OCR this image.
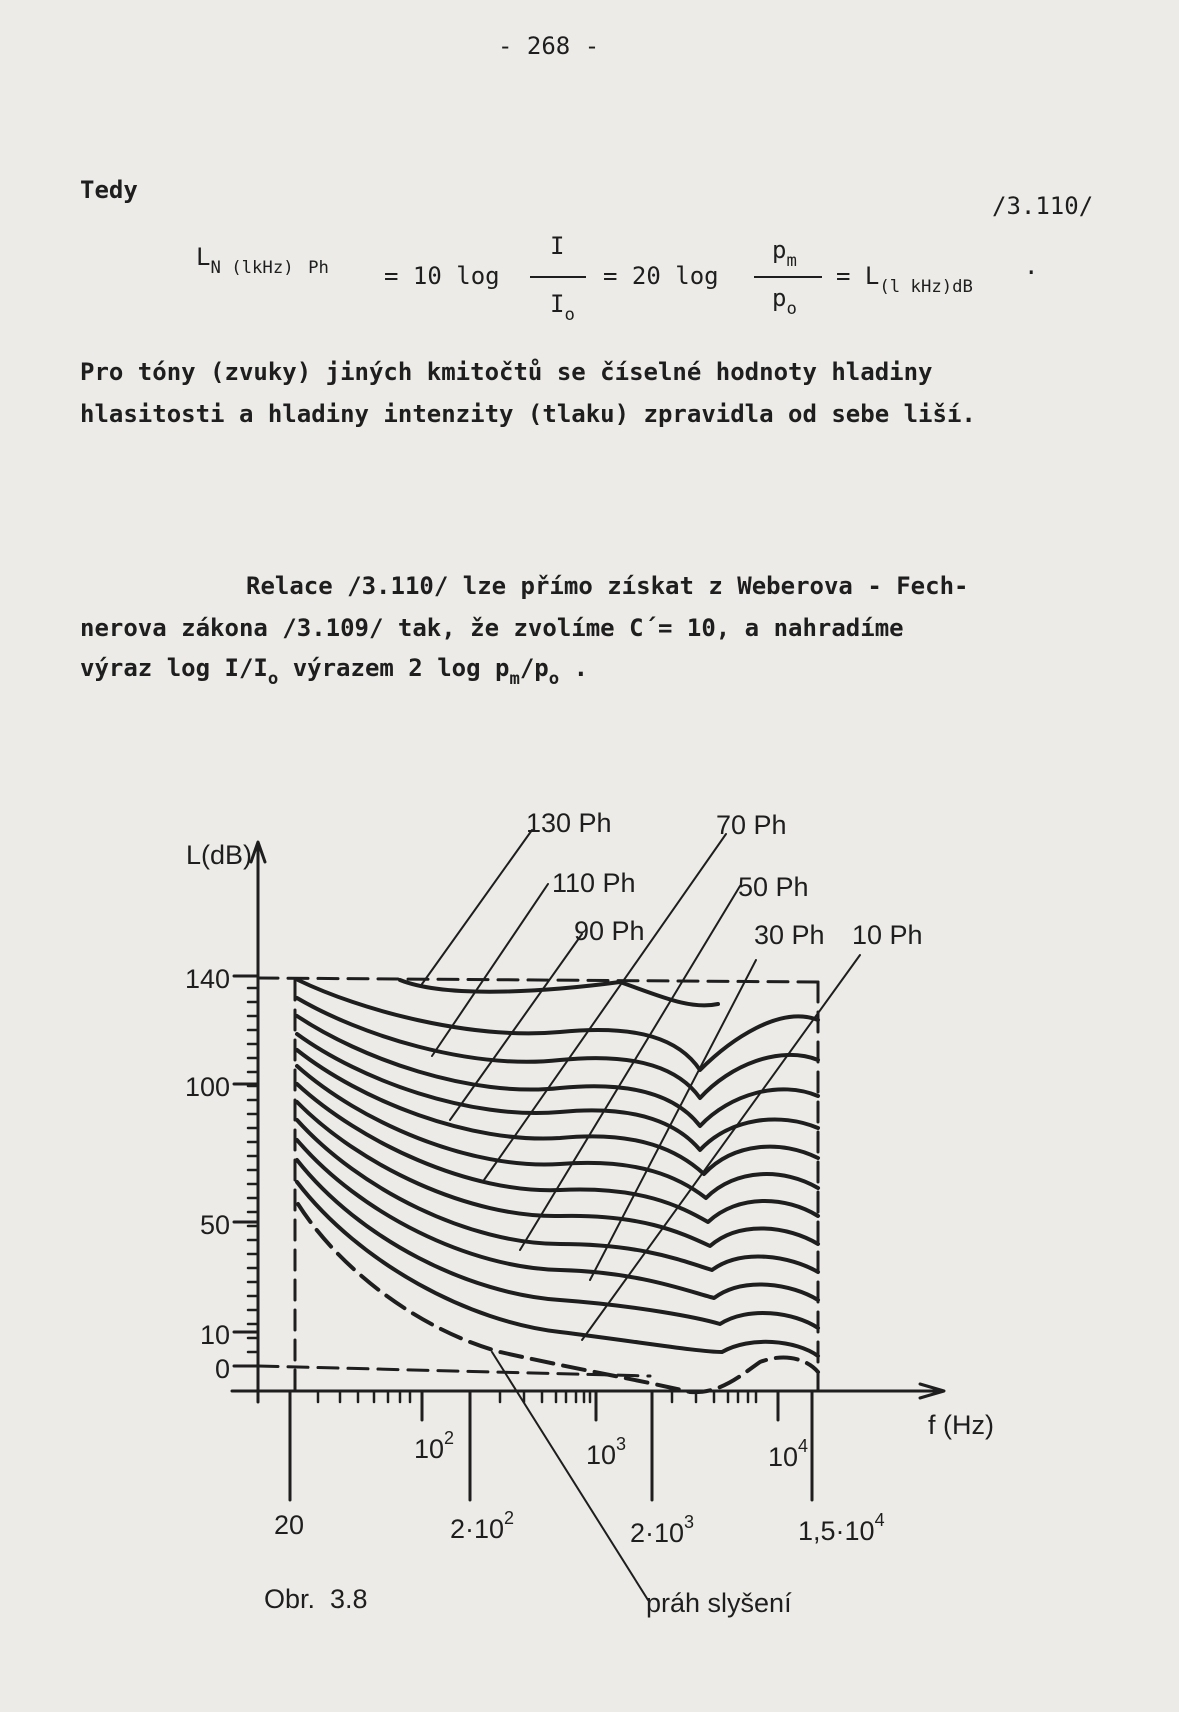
- 268 -
Tedy
/3.110/
$L_{N (lkHz)}$ $_{Ph}$ = 10 log
I
$I_o$
= 20 log
$p_m$
$p_o$
= $L_{(l kHz)dB}$
.
Pro tóny (zvuky) jiných kmitočtů se číselné hodnoty hladiny
hlasitosti a hladiny intenzity (tlaku) zpravidla od sebe liší.
Relace /3.110/ lze přímo získat z Weberova - Fech-
nerova zákona /3.109/ tak, že zvolíme C´= 10, a nahradíme
výraz $\log I/I_o$ výrazem 2 $\log p_m/p_o$ .
L(dB)
f (Hz)
140
100
50
10
0
$10^2$
$10^3$	$10^4$
20	$2\cdot 10^2$	$2\cdot 10^3$	$1,5\cdot 10^4$
130 Ph
110 Ph
90 Ph
70 Ph
50 Ph
30 Ph 10 Ph
práh slyšení
Obr.  3.8
